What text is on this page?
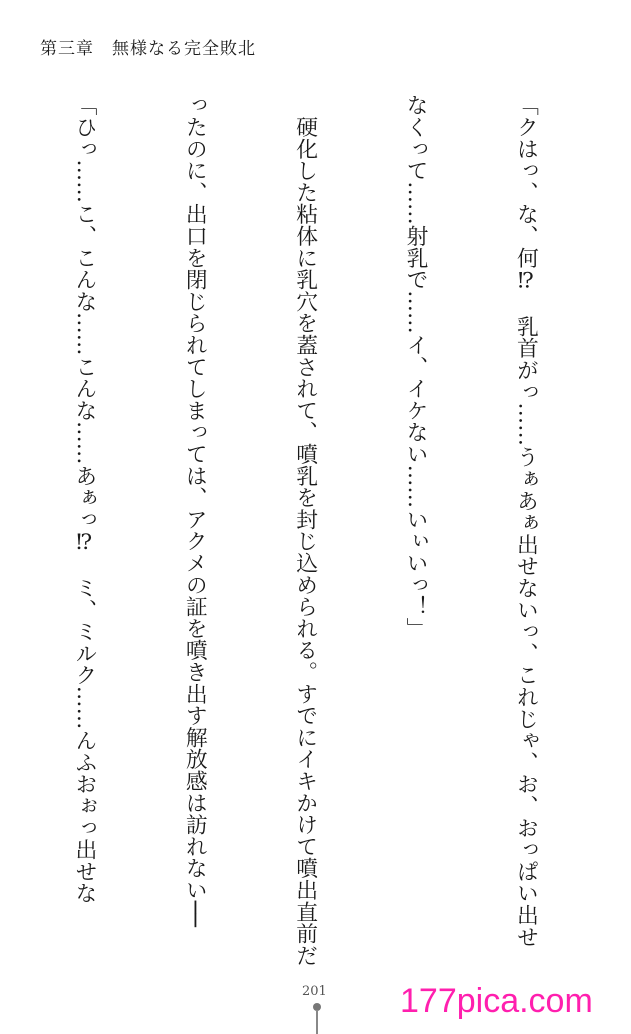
第三章　無様なる完全敗北

「クはっ、な、何⁉　乳首がっ……うぁあぁ出せないっ、これじゃ、お、おっぱい出せ

なくって……射乳で……イ、イケない……いぃいっ！」

　硬化した粘体に乳穴を蓋されて、噴乳を封じ込められる。すでにイキかけて噴出直前だ

ったのに、出口を閉じられてしまっては、アクメの証を噴き出す解放感は訪れない──

「ひっ……こ、こんな……こんな……あぁっ⁉　ミ、ミルク……んふおぉっ出せな

201 177pica.com
